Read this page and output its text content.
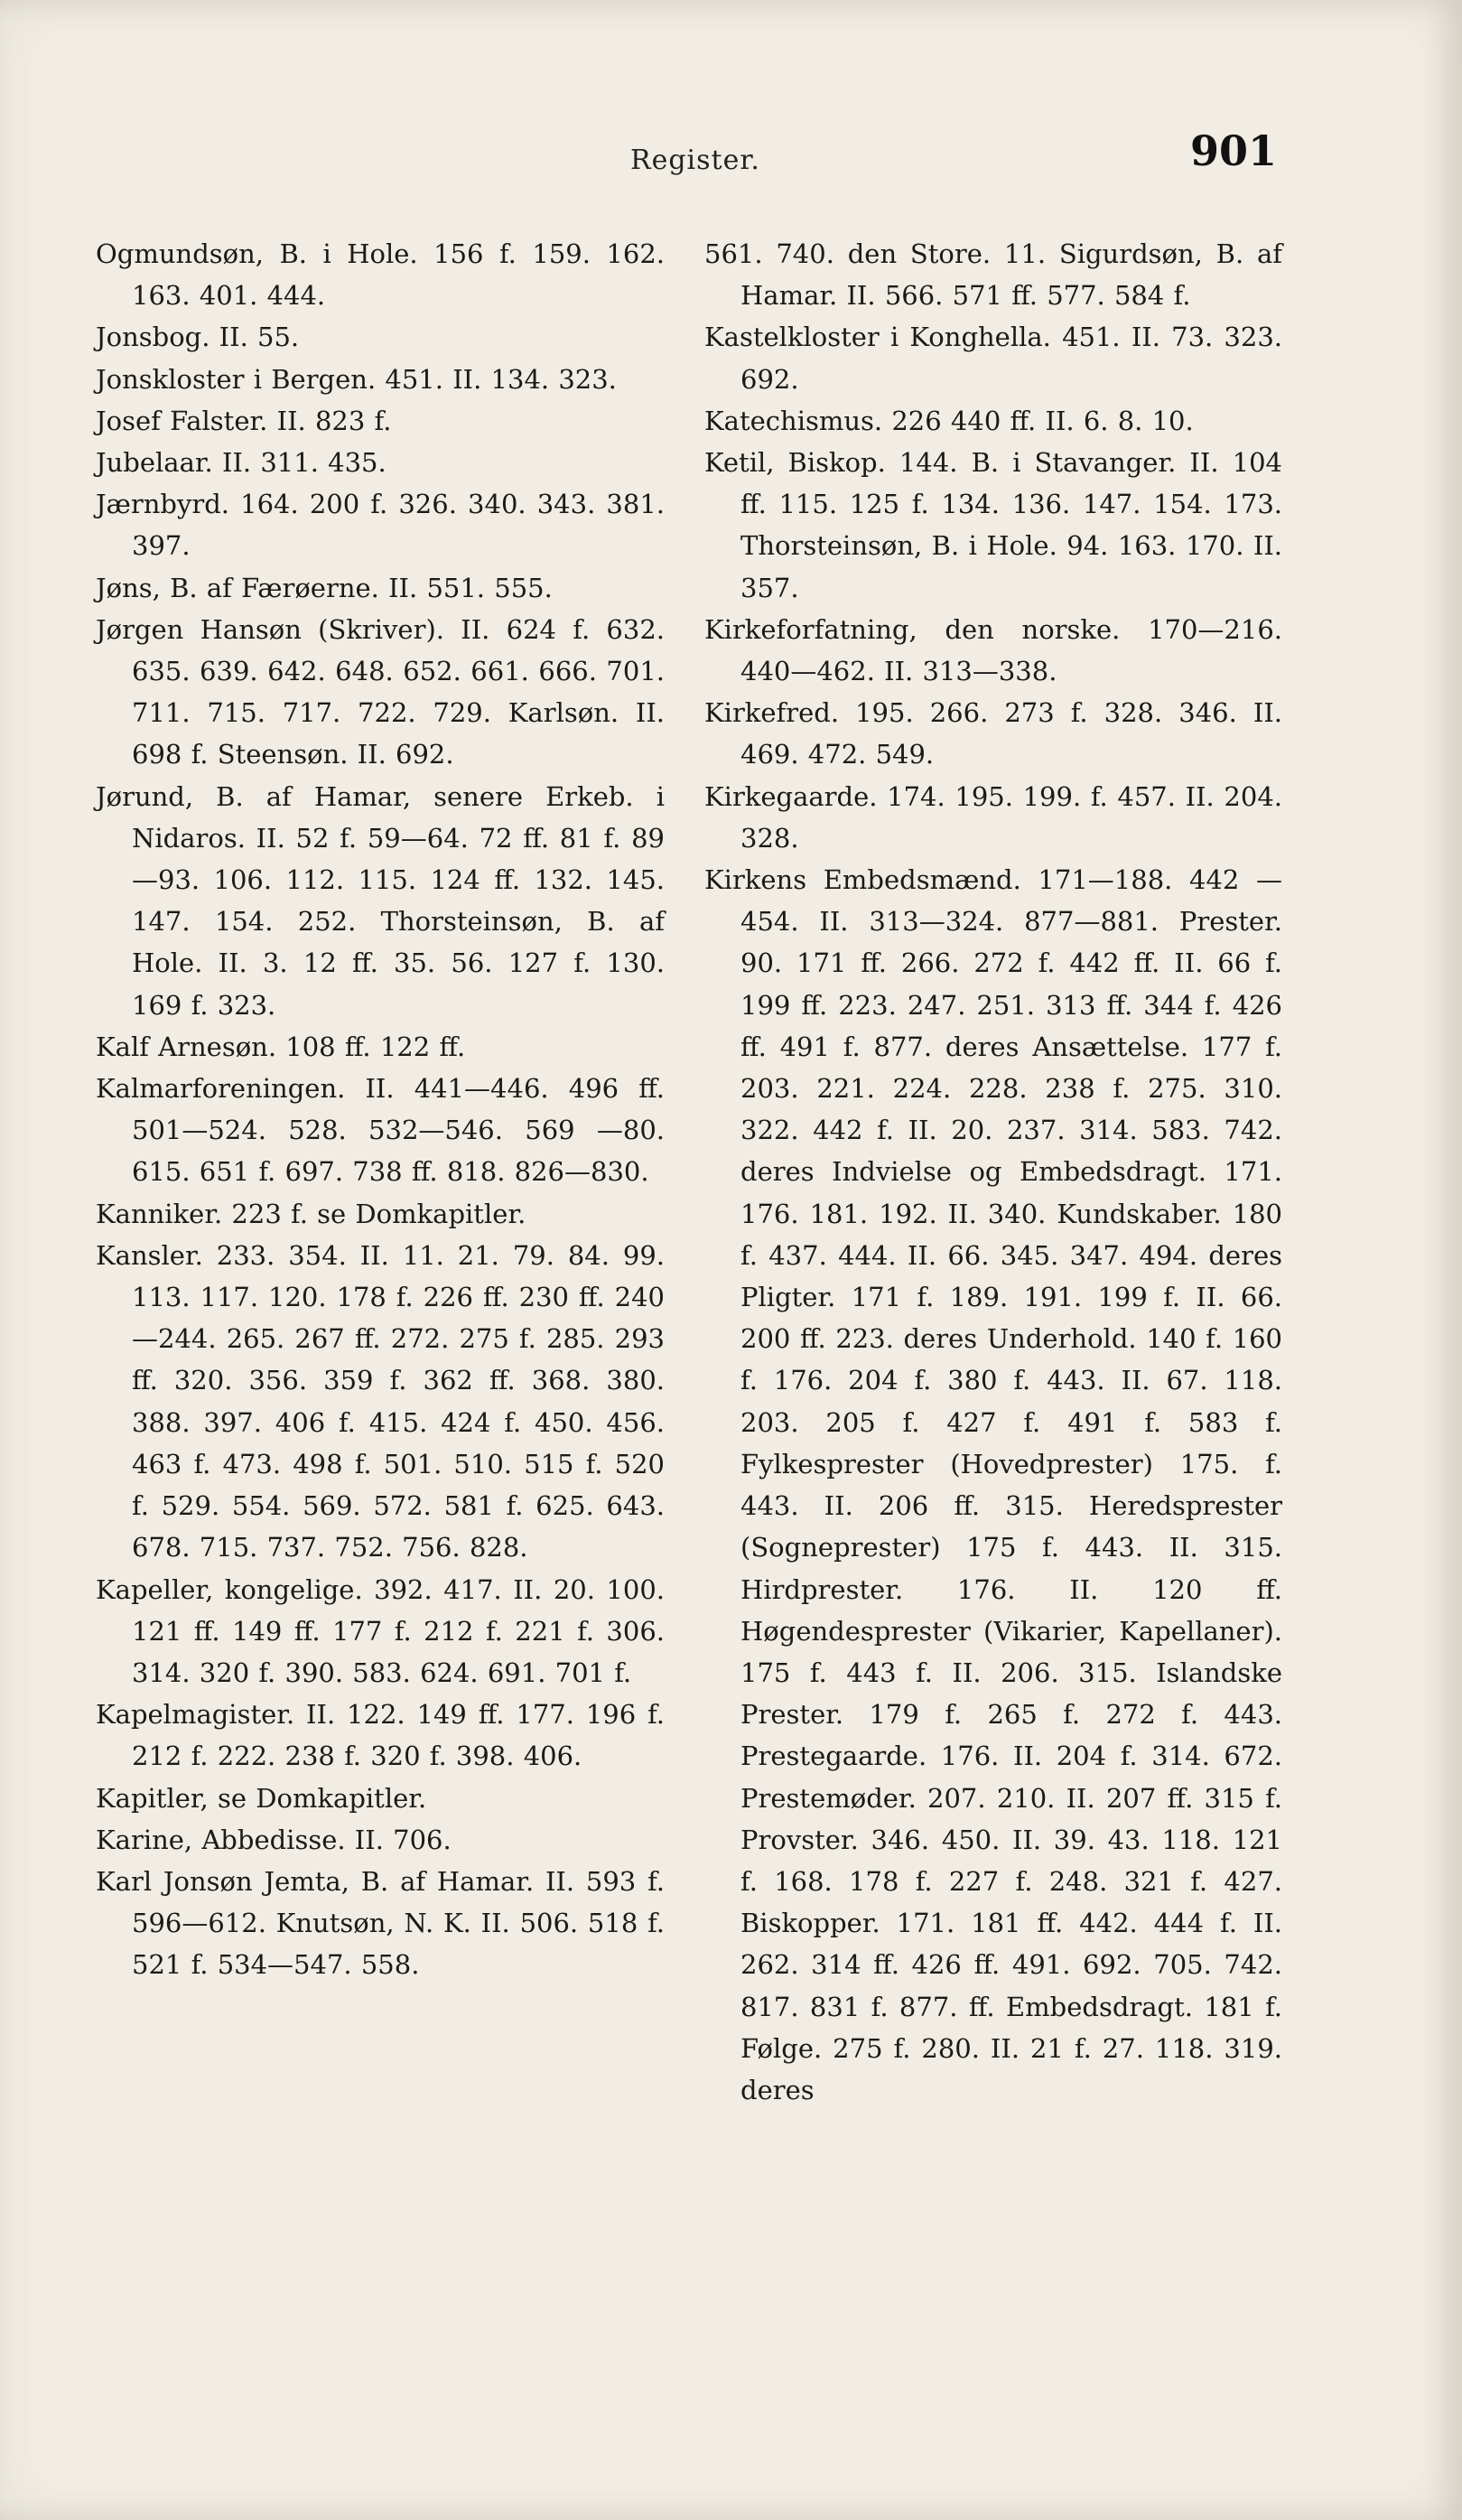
Register.	901

Ogmundsøn, B. i Hole. 156 f. 159. 162. 163. 401. 444.

Jonsbog. II. 55.

Jonskloster i Bergen. 451. II. 134. 323.

Josef Falster. II. 823 f.

Jubelaar. II. 311. 435.

Jærnbyrd. 164. 200 f. 326. 340. 343. 381. 397.

Jøns, B. af Færøerne. II. 551. 555.

Jørgen Hansøn (Skriver). II. 624 f. 632. 635. 639. 642. 648. 652. 661. 666. 701. 711. 715. 717. 722. 729. Karlsøn. II. 698 f. Steensøn. II. 692.

Jørund, B. af Hamar, senere Erkeb. i Nidaros. II. 52 f. 59—64. 72 ff. 81 f. 89—93. 106. 112. 115. 124 ff. 132. 145. 147. 154. 252. Thorsteinsøn, B. af Hole. II. 3. 12 ff. 35. 56. 127 f. 130. 169 f. 323.

Kalf Arnesøn. 108 ff. 122 ff.

Kalmarforeningen. II. 441—446. 496 ff. 501—524. 528. 532—546. 569 —80. 615. 651 f. 697. 738 ff. 818. 826—830.

Kanniker. 223 f. se Domkapitler.

Kansler. 233. 354. II. 11. 21. 79. 84. 99. 113. 117. 120. 178 f. 226 ff. 230 ff. 240—244. 265. 267 ff. 272. 275 f. 285. 293 ff. 320. 356. 359 f. 362 ff. 368. 380. 388. 397. 406 f. 415. 424 f. 450. 456. 463 f. 473. 498 f. 501. 510. 515 f. 520 f. 529. 554. 569. 572. 581 f. 625. 643. 678. 715. 737. 752. 756. 828.

Kapeller, kongelige. 392. 417. II. 20. 100. 121 ff. 149 ff. 177 f. 212 f. 221 f. 306. 314. 320 f. 390. 583. 624. 691. 701 f.

Kapelmagister. II. 122. 149 ff. 177. 196 f. 212 f. 222. 238 f. 320 f. 398. 406.

Kapitler, se Domkapitler.

Karine, Abbedisse. II. 706.

Karl Jonsøn Jemta, B. af Hamar. II. 593 f. 596—612. Knutsøn, N. K. II. 506. 518 f. 521 f. 534—547. 558.

561. 740. den Store. 11. Sigurdsøn, B. af Hamar. II. 566. 571 ff. 577. 584 f.

Kastelkloster i Konghella. 451. II. 73. 323. 692.

Katechismus. 226 440 ff. II. 6. 8. 10.

Ketil, Biskop. 144. B. i Stavanger. II. 104 ff. 115. 125 f. 134. 136. 147. 154. 173. Thorsteinsøn, B. i Hole. 94. 163. 170. II. 357.

Kirkeforfatning, den norske. 170—216. 440—462. II. 313—338.

Kirkefred. 195. 266. 273 f. 328. 346. II. 469. 472. 549.

Kirkegaarde. 174. 195. 199. f. 457. II. 204. 328.

Kirkens Embedsmænd. 171—188. 442 —454. II. 313—324. 877—881. Prester. 90. 171 ff. 266. 272 f. 442 ff. II. 66 f. 199 ff. 223. 247. 251. 313 ff. 344 f. 426 ff. 491 f. 877. deres Ansættelse. 177 f. 203. 221. 224. 228. 238 f. 275. 310. 322. 442 f. II. 20. 237. 314. 583. 742. deres Indvielse og Embedsdragt. 171. 176. 181. 192. II. 340. Kundskaber. 180 f. 437. 444. II. 66. 345. 347. 494. deres Pligter. 171 f. 189. 191. 199 f. II. 66. 200 ff. 223. deres Underhold. 140 f. 160 f. 176. 204 f. 380 f. 443. II. 67. 118. 203. 205 f. 427 f. 491 f. 583 f. Fylkesprester (Hovedprester) 175. f. 443. II. 206 ff. 315. Heredsprester (Sogneprester) 175 f. 443. II. 315. Hirdprester. 176. II. 120 ff. Høgendesprester (Vikarier, Kapellaner). 175 f. 443 f. II. 206. 315. Islandske Prester. 179 f. 265 f. 272 f. 443. Prestegaarde. 176. II. 204 f. 314. 672. Prestemøder. 207. 210. II. 207 ff. 315 f. Provster. 346. 450. II. 39. 43. 118. 121 f. 168. 178 f. 227 f. 248. 321 f. 427. Biskopper. 171. 181 ff. 442. 444 f. II. 262. 314 ff. 426 ff. 491. 692. 705. 742. 817. 831 f. 877. ff. Embedsdragt. 181 f. Følge. 275 f. 280. II. 21 f. 27. 118. 319. deres
